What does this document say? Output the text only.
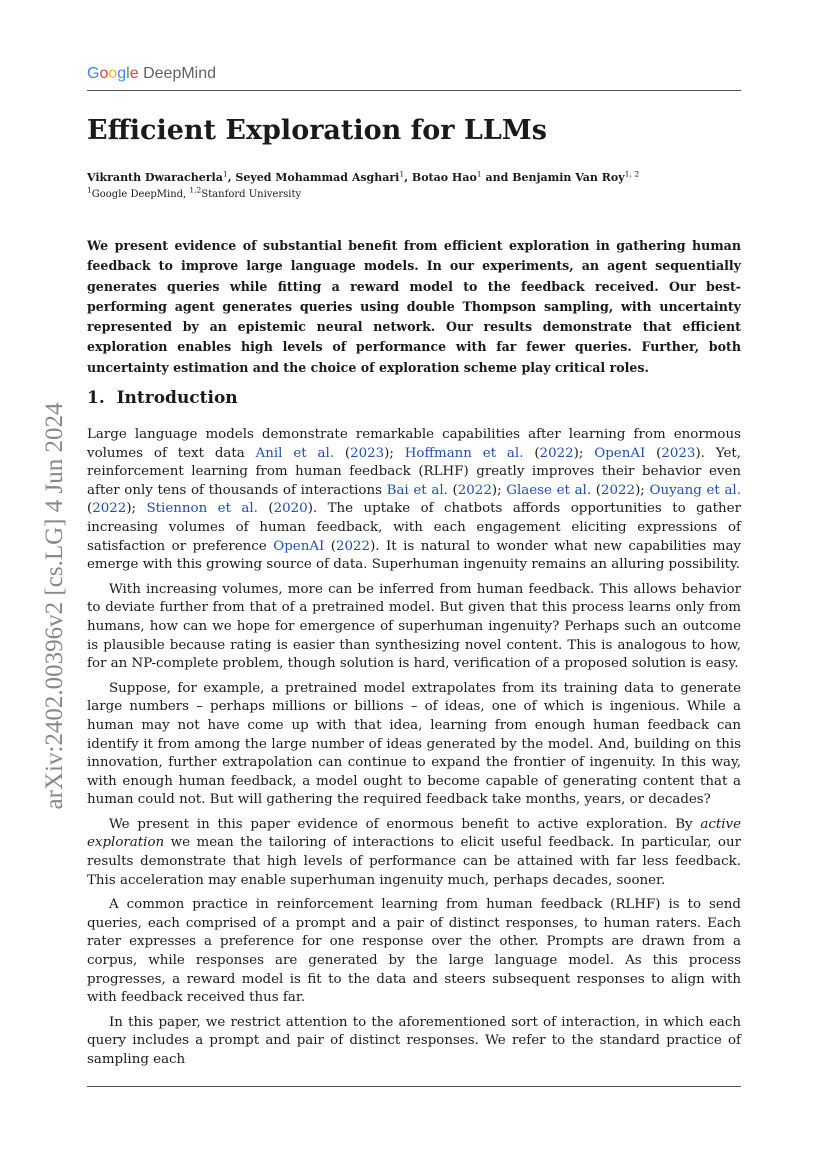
Google DeepMind
arXiv:2402.00396v2 [cs.LG] 4 Jun 2024
Efficient Exploration for LLMs
Vikranth Dwaracherla$^1$, Seyed Mohammad Asghari$^1$, Botao Hao$^1$ and Benjamin Van Roy$^{1, 2}$
$^1$Google DeepMind, $^{1,2}$Stanford University

We present evidence of substantial benefit from efficient exploration in gathering human feedback to improve large language models. In our experiments, an agent sequentially generates queries while fitting a reward model to the feedback received. Our best-performing agent generates queries using double Thompson sampling, with uncertainty represented by an epistemic neural network. Our results demonstrate that efficient exploration enables high levels of performance with far fewer queries. Further, both uncertainty estimation and the choice of exploration scheme play critical roles.

1. Introduction

Large language models demonstrate remarkable capabilities after learning from enormous volumes of text data Anil et al. (2023); Hoffmann et al. (2022); OpenAI (2023). Yet, reinforcement learning from human feedback (RLHF) greatly improves their behavior even after only tens of thousands of interactions Bai et al. (2022); Glaese et al. (2022); Ouyang et al. (2022); Stiennon et al. (2020). The uptake of chatbots affords opportunities to gather increasing volumes of human feedback, with each engagement eliciting expressions of satisfaction or preference OpenAI (2022). It is natural to wonder what new capabilities may emerge with this growing source of data. Superhuman ingenuity remains an alluring possibility.

With increasing volumes, more can be inferred from human feedback. This allows behavior to deviate further from that of a pretrained model. But given that this process learns only from humans, how can we hope for emergence of superhuman ingenuity? Perhaps such an outcome is plausible because rating is easier than synthesizing novel content. This is analogous to how, for an NP-complete problem, though solution is hard, verification of a proposed solution is easy.

Suppose, for example, a pretrained model extrapolates from its training data to generate large numbers – perhaps millions or billions – of ideas, one of which is ingenious. While a human may not have come up with that idea, learning from enough human feedback can identify it from among the large number of ideas generated by the model. And, building on this innovation, further extrapolation can continue to expand the frontier of ingenuity. In this way, with enough human feedback, a model ought to become capable of generating content that a human could not. But will gathering the required feedback take months, years, or decades?

We present in this paper evidence of enormous benefit to active exploration. By active exploration we mean the tailoring of interactions to elicit useful feedback. In particular, our results demonstrate that high levels of performance can be attained with far less feedback. This acceleration may enable superhuman ingenuity much, perhaps decades, sooner.

A common practice in reinforcement learning from human feedback (RLHF) is to send queries, each comprised of a prompt and a pair of distinct responses, to human raters. Each rater expresses a preference for one response over the other. Prompts are drawn from a corpus, while responses are generated by the large language model. As this process progresses, a reward model is fit to the data and steers subsequent responses to align with with feedback received thus far.

In this paper, we restrict attention to the aforementioned sort of interaction, in which each query includes a prompt and pair of distinct responses. We refer to the standard practice of sampling each
